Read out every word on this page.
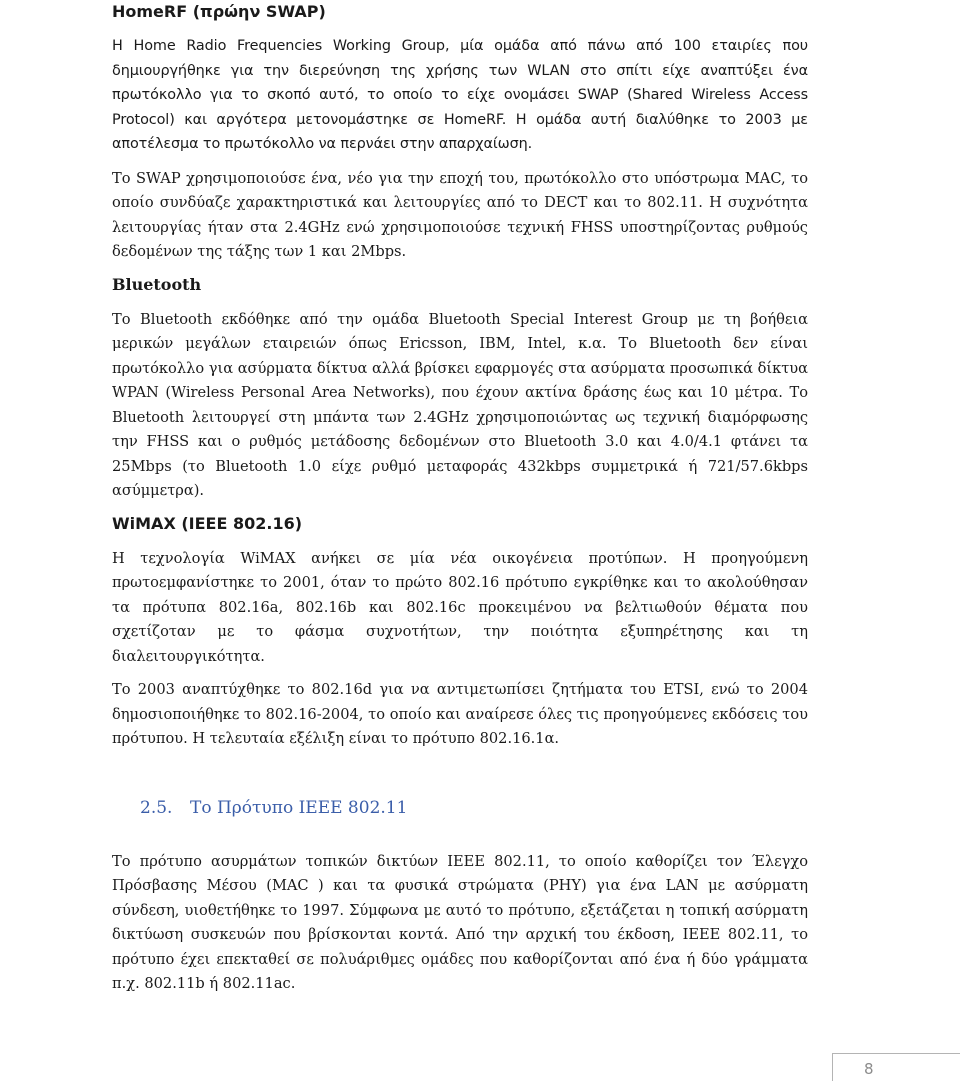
HomeRF (πρώην SWAP)

H Home Radio Frequencies Working Group, μία ομάδα από πάνω από 100 εταιρίες που δημιουργήθηκε για την διερεύνηση της χρήσης των WLAN στο σπίτι είχε αναπτύξει ένα πρωτόκολλο για το σκοπό αυτό, το οποίο το είχε ονομάσει SWAP (Shared Wireless Access Protocol) και αργότερα μετονομάστηκε σε HomeRF. Η ομάδα αυτή διαλύθηκε το 2003 με αποτέλεσμα το πρωτόκολλο να περνάει στην απαρχαίωση.

Το SWAP χρησιμοποιούσε ένα, νέο για την εποχή του, πρωτόκολλο στο υπόστρωμα MAC, το οποίο συνδύαζε χαρακτηριστικά και λειτουργίες από το DECT και το 802.11. Η συχνότητα λειτουργίας ήταν στα 2.4GHz ενώ χρησιμοποιούσε τεχνική FHSS υποστηρίζοντας ρυθμούς δεδομένων της τάξης των 1 και 2Mbps.

Bluetooth

Το Bluetooth εκδόθηκε από την ομάδα Bluetooth Special Interest Group με τη βοήθεια μερικών μεγάλων εταιρειών όπως Ericsson, IBM, Intel, κ.α. Το Bluetooth δεν είναι πρωτόκολλο για ασύρματα δίκτυα αλλά βρίσκει εφαρμογές στα ασύρματα προσωπικά δίκτυα WPAN (Wireless Personal Area Networks), που έχουν ακτίνα δράσης έως και 10 μέτρα. Το Bluetooth λειτουργεί στη μπάντα των 2.4GHz χρησιμοποιώντας ως τεχνική διαμόρφωσης την FHSS και ο ρυθμός μετάδοσης δεδομένων στο Bluetooth 3.0 και 4.0/4.1 φτάνει τα 25Mbps (το Bluetooth 1.0 είχε ρυθμό μεταφοράς 432kbps συμμετρικά ή 721/57.6kbps ασύμμετρα).

WiMAX (IEEE 802.16)

Η τεχνολογία WiMAX ανήκει σε μία νέα οικογένεια προτύπων. Η προηγούμενη πρωτοεμφανίστηκε το 2001, όταν το πρώτο 802.16 πρότυπο εγκρίθηκε και το ακολούθησαν τα πρότυπα 802.16a, 802.16b και 802.16c προκειμένου να βελτιωθούν θέματα που σχετίζοταν με το φάσμα συχνοτήτων, την ποιότητα εξυπηρέτησης και τη διαλειτουργικότητα.

Το 2003 αναπτύχθηκε το 802.16d για να αντιμετωπίσει ζητήματα του ETSI, ενώ το 2004 δημοσιοποιήθηκε το 802.16-2004, το οποίο και αναίρεσε όλες τις προηγούμενες εκδόσεις του πρότυπου. Η τελευταία εξέλιξη είναι το πρότυπο 802.16.1α.

2.5. Το Πρότυπο IEEE 802.11

Το πρότυπο ασυρμάτων τοπικών δικτύων IEEE 802.11, το οποίο καθορίζει τον Έλεγχο Πρόσβασης Μέσου (MAC ) και τα φυσικά στρώματα (PHY) για ένα LAN με ασύρματη σύνδεση, υιοθετήθηκε το 1997. Σύμφωνα με αυτό το πρότυπο, εξετάζεται η τοπική ασύρματη δικτύωση συσκευών που βρίσκονται κοντά. Από την αρχική του έκδοση, IEEE 802.11, το πρότυπο έχει επεκταθεί σε πολυάριθμες ομάδες που καθορίζονται από ένα ή δύο γράμματα π.χ. 802.11b ή 802.11ac.

8
